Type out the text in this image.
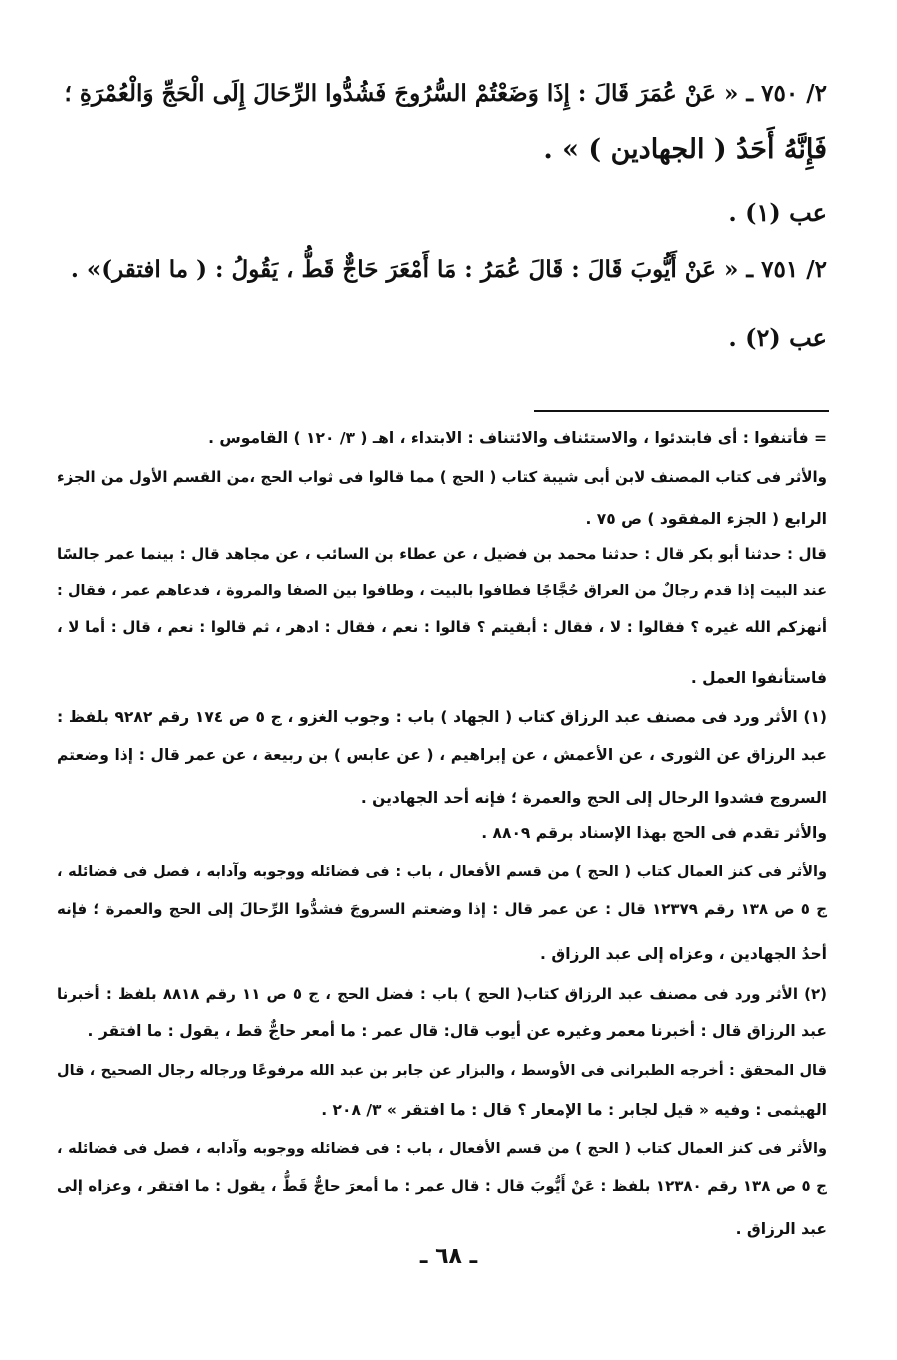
٢/ ٧٥٠ ـ « عَنْ عُمَرَ قَالَ : إِذَا وَضَعْتُمْ السُّرُوجَ فَشُدُّوا الرِّحَالَ إِلَى الْحَجِّ وَالْعُمْرَةِ ؛
فَإِنَّهُ أَحَدُ ( الجهادين ) » .
عب (١) .
٢/ ٧٥١ ـ « عَنْ أَيُّوبَ قَالَ : قَالَ عُمَرُ : مَا أَمْعَرَ حَاجٌّ قَطُّ ، يَقُولُ : ( ما افتقر)» .
عب (٢) .
= فأتنفوا : أى فابتدئوا ، والاستئناف والائتناف : الابتداء ، اهـ ( ٣/ ١٢٠ ) القاموس .
والأثر فى كتاب المصنف لابن أبى شيبة كتاب ( الحج ) مما قالوا فى ثواب الحج ،من القسم الأول من الجزء
الرابع ( الجزء المفقود ) ص ٧٥ .
قال : حدثنا أبو بكر قال : حدثنا محمد بن فضيل ، عن عطاء بن السائب ، عن مجاهد قال : بينما عمر جالسًا
عند البيت إذا قدم رجالٌ من العراق حُجَّاجًا فطافوا بالبيت ، وطافوا بين الصفا والمروة ، فدعاهم عمر ، فقال :
أنهزكم الله غيره ؟ فقالوا : لا ، فقال : أبقيتم ؟ قالوا : نعم ، فقال : ادهر ، ثم قالوا : نعم ، قال : أما لا ،
فاستأنفوا العمل .
(١) الأثر ورد فى مصنف عبد الرزاق كتاب ( الجهاد ) باب : وجوب الغزو ، ج ٥ ص ١٧٤ رقم ٩٢٨٢ بلفظ :
عبد الرزاق عن الثورى ، عن الأعمش ، عن إبراهيم ، ( عن عابس ) بن ربيعة ، عن عمر قال : إذا وضعتم
السروج فشدوا الرحال إلى الحج والعمرة ؛ فإنه أحد الجهادين .
والأثر تقدم فى الحج بهذا الإسناد برقم ٨٨٠٩ .
والأثر فى كنز العمال كتاب ( الحج ) من قسم الأفعال ، باب : فى فضائله ووجوبه وآدابه ، فصل فى فضائله ،
ج ٥ ص ١٣٨ رقم ١٢٣٧٩ قال : عن عمر قال : إذا وضعتم السروجَ فشدُّوا الرِّحالَ إلى الحج والعمرة ؛ فإنه
أحدُ الجهادين ، وعزاه إلى عبد الرزاق .
(٢) الأثر ورد فى مصنف عبد الرزاق كتاب( الحج ) باب : فضل الحج ، ج ٥ ص ١١ رقم ٨٨١٨ بلفظ : أخبرنا
عبد الرزاق قال : أخبرنا معمر وغيره عن أيوب قال: قال عمر : ما أمعر حاجٌّ قط ، يقول : ما افتقر .
قال المحقق : أخرجه الطبرانى فى الأوسط ، والبزار عن جابر بن عبد الله مرفوعًا ورجاله رجال الصحيح ، قال
الهيثمى : وفيه « قيل لجابر : ما الإمعار ؟ قال : ما افتقر » ٣/ ٢٠٨ .
والأثر فى كنز العمال كتاب ( الحج ) من قسم الأفعال ، باب : فى فضائله ووجوبه وآدابه ، فصل فى فضائله ،
ج ٥ ص ١٣٨ رقم ١٢٣٨٠ بلفظ : عَنْ أَيُّوبَ قال : قال عمر : ما أمعرَ حاجٌّ قَطُّ ، يقول : ما افتقر ، وعزاه إلى
عبد الرزاق .
ـ ٦٨ ـ
